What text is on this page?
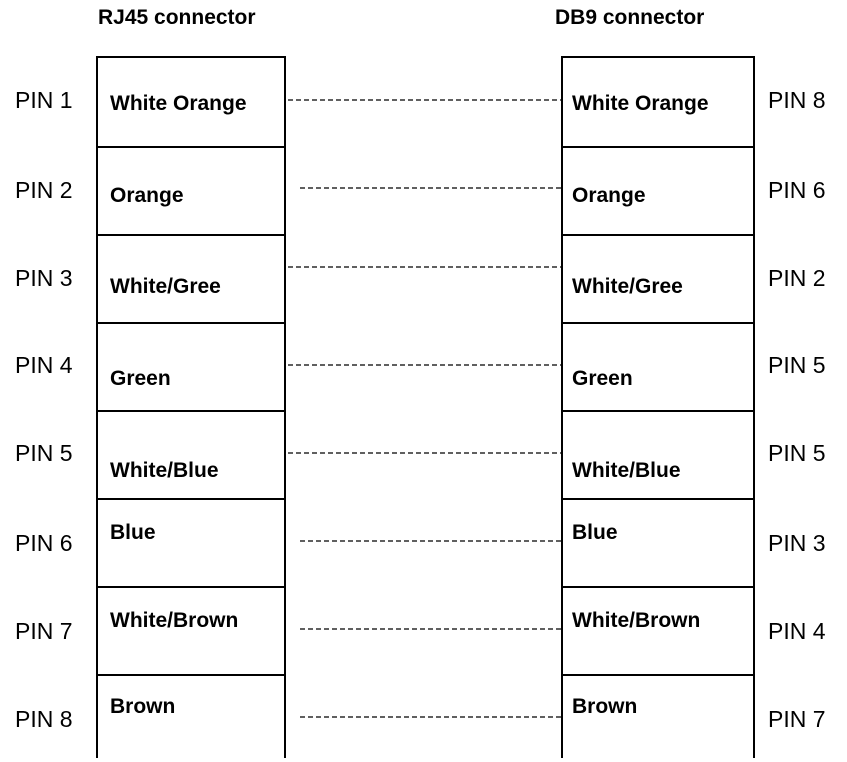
RJ45 connector	DB9 connector
White Orange
Orange
White/Gree
Green
White/Blue
Blue
White/Brown
Brown
White Orange
Orange
White/Gree
Green
White/Blue
Blue
White/Brown
Brown
PIN 1
PIN 2
PIN 3
PIN 4
PIN 5
PIN 6
PIN 7
PIN 8
PIN 8
PIN 6
PIN 2
PIN 5
PIN 5
PIN 3
PIN 4
PIN 7
